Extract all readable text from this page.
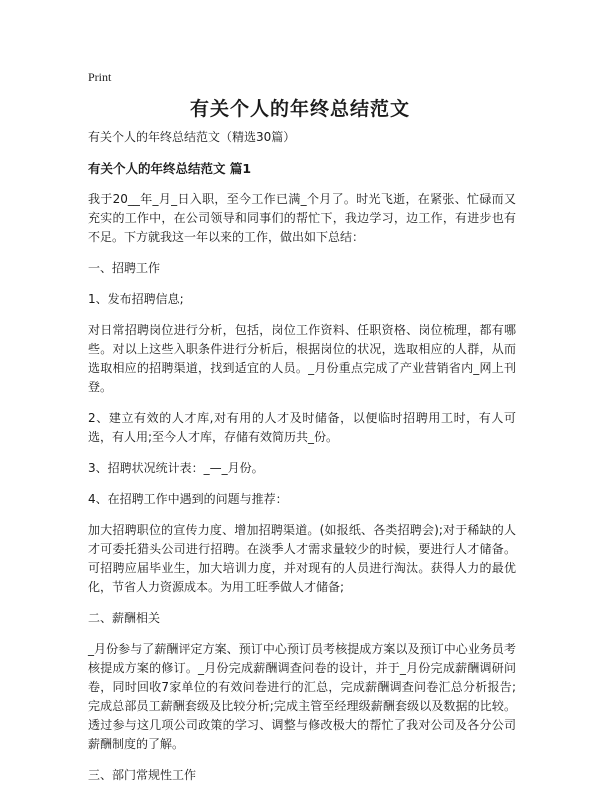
Print
有关个人的年终总结范文

有关个人的年终总结范文（精选30篇）

有关个人的年终总结范文 篇1

我于20__年_月_日入职，至今工作已满_个月了。时光飞逝，在紧张、忙碌而又充实的工作中，在公司领导和同事们的帮忙下，我边学习，边工作，有进步也有不足。下方就我这一年以来的工作，做出如下总结：

一、招聘工作

1、发布招聘信息;

对日常招聘岗位进行分析，包括，岗位工作资料、任职资格、岗位梳理，都有哪些。对以上这些入职条件进行分析后，根据岗位的状况，选取相应的人群，从而选取相应的招聘渠道，找到适宜的人员。_月份重点完成了产业营销省内_网上刊登。

2、建立有效的人才库,对有用的人才及时储备，以便临时招聘用工时，有人可选，有人用;至今人才库，存储有效简历共_份。

3、招聘状况统计表：_—_月份。

4、在招聘工作中遇到的问题与推荐：

加大招聘职位的宣传力度、增加招聘渠道。(如报纸、各类招聘会);对于稀缺的人才可委托猎头公司进行招聘。在淡季人才需求量较少的时候，要进行人才储备。可招聘应届毕业生，加大培训力度，并对现有的人员进行淘汰。获得人力的最优化，节省人力资源成本。为用工旺季做人才储备;

二、薪酬相关

_月份参与了薪酬评定方案、预订中心预订员考核提成方案以及预订中心业务员考核提成方案的修订。_月份完成薪酬调查问卷的设计，并于_月份完成薪酬调研问卷，同时回收7家单位的有效问卷进行的汇总，完成薪酬调查问卷汇总分析报告;完成总部员工薪酬套级及比较分析;完成主管至经理级薪酬套级以及数据的比较。透过参与这几项公司政策的学习、调整与修改极大的帮忙了我对公司及各分公司薪酬制度的了解。

三、部门常规性工作
